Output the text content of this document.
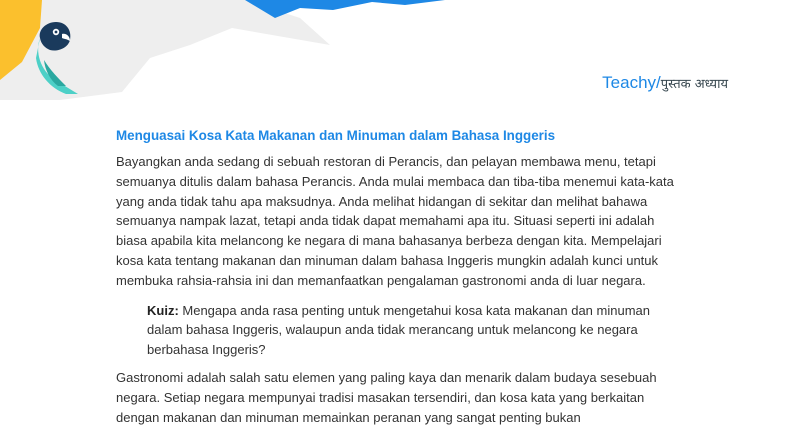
Teachy/पुस्तक अध्याय
Menguasai Kosa Kata Makanan dan Minuman dalam Bahasa Inggeris

Bayangkan anda sedang di sebuah restoran di Perancis, dan pelayan membawa menu, tetapi semuanya ditulis dalam bahasa Perancis. Anda mulai membaca dan tiba-tiba menemui kata-kata yang anda tidak tahu apa maksudnya. Anda melihat hidangan di sekitar dan melihat bahawa semuanya nampak lazat, tetapi anda tidak dapat memahami apa itu. Situasi seperti ini adalah biasa apabila kita melancong ke negara di mana bahasanya berbeza dengan kita. Mempelajari kosa kata tentang makanan dan minuman dalam bahasa Inggeris mungkin adalah kunci untuk membuka rahsia-rahsia ini dan memanfaatkan pengalaman gastronomi anda di luar negara.

Kuiz: Mengapa anda rasa penting untuk mengetahui kosa kata makanan dan minuman dalam bahasa Inggeris, walaupun anda tidak merancang untuk melancong ke negara berbahasa Inggeris?

Gastronomi adalah salah satu elemen yang paling kaya dan menarik dalam budaya sesebuah negara. Setiap negara mempunyai tradisi masakan tersendiri, dan kosa kata yang berkaitan dengan makanan dan minuman memainkan peranan yang sangat penting bukan
